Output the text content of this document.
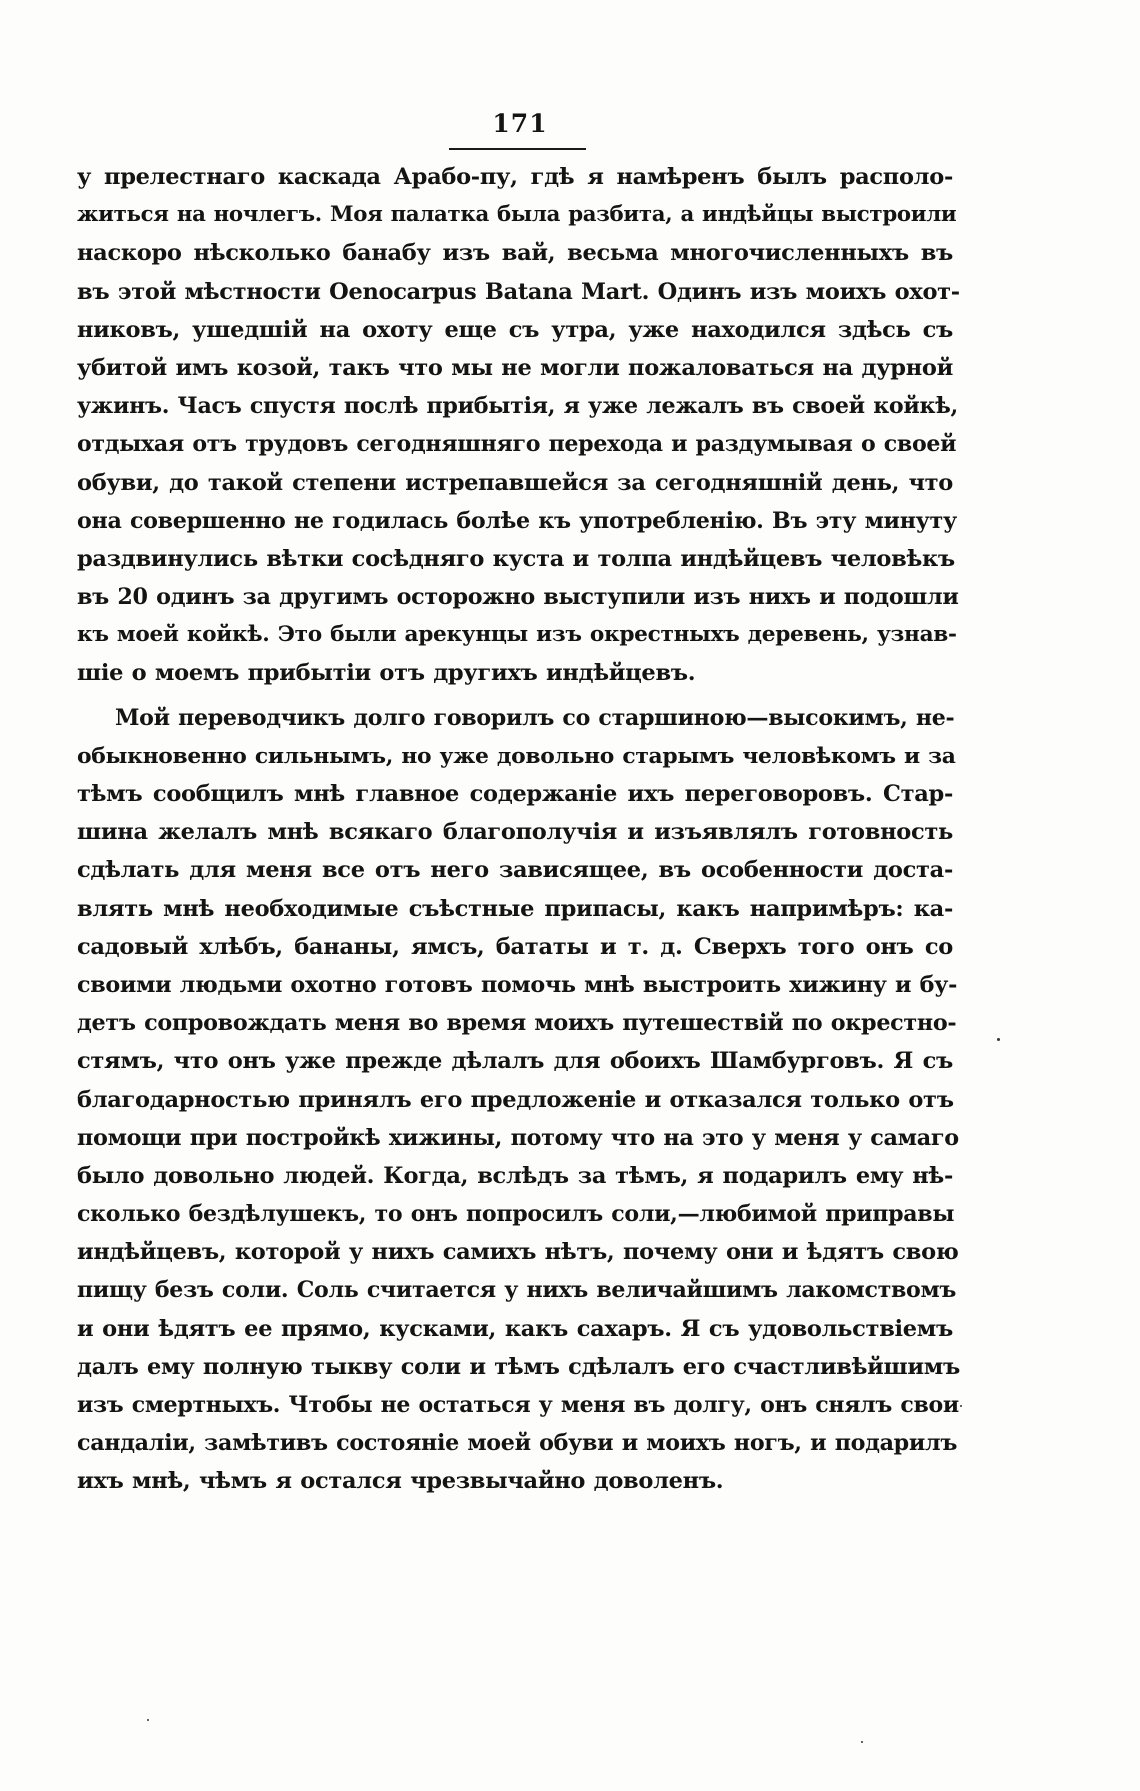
171
у прелестнаго каскада Арабо-пу, гдѣ я намѣренъ былъ располо-
житься на ночлегъ. Моя палатка была разбита, а индѣйцы выстроили
наскоро нѣсколько банабу изъ вай, весьма многочисленныхъ въ
въ этой мѣстности Oenocarpus Batana Mart. Одинъ изъ моихъ охот-
никовъ, ушедшій на охоту еще съ утра, уже находился здѣсь съ
убитой имъ козой, такъ что мы не могли пожаловаться на дурной
ужинъ. Часъ спустя послѣ прибытія, я уже лежалъ въ своей койкѣ,
отдыхая отъ трудовъ сегодняшняго перехода и раздумывая о своей
обуви, до такой степени истрепавшейся за сегодняшній день, что
она совершенно не годилась болѣе къ употребленію. Въ эту минуту
раздвинулись вѣтки сосѣдняго куста и толпа индѣйцевъ человѣкъ
въ 20 одинъ за другимъ осторожно выступили изъ нихъ и подошли
къ моей койкѣ. Это были арекунцы изъ окрестныхъ деревень, узнав-
шіе о моемъ прибытіи отъ другихъ индѣйцевъ.
Мой переводчикъ долго говорилъ со старшиною—высокимъ, не-
обыкновенно сильнымъ, но уже довольно старымъ человѣкомъ и за
тѣмъ сообщилъ мнѣ главное содержаніе ихъ переговоровъ. Стар-
шина желалъ мнѣ всякаго благополучія и изъявлялъ готовность
сдѣлать для меня все отъ него зависящее, въ особенности доста-
влять мнѣ необходимые съѣстные припасы, какъ напримѣръ: ка-
садовый хлѣбъ, бананы, ямсъ, бататы и т. д. Сверхъ того онъ со
своими людьми охотно готовъ помочь мнѣ выстроить хижину и бу-
детъ сопровождать меня во время моихъ путешествій по окрестно-
стямъ, что онъ уже прежде дѣлалъ для обоихъ Шамбурговъ. Я съ
благодарностью принялъ его предложеніе и отказался только отъ
помощи при постройкѣ хижины, потому что на это у меня у самаго
было довольно людей. Когда, вслѣдъ за тѣмъ, я подарилъ ему нѣ-
сколько бездѣлушекъ, то онъ попросилъ соли,—любимой приправы
индѣйцевъ, которой у нихъ самихъ нѣтъ, почему они и ѣдятъ свою
пищу безъ соли. Соль считается у нихъ величайшимъ лакомствомъ
и они ѣдятъ ее прямо, кусками, какъ сахаръ. Я съ удовольствіемъ
далъ ему полную тыкву соли и тѣмъ сдѣлалъ его счастливѣйшимъ
изъ смертныхъ. Чтобы не остаться у меня въ долгу, онъ снялъ свои
сандаліи, замѣтивъ состояніе моей обуви и моихъ ногъ, и подарилъ
ихъ мнѣ, чѣмъ я остался чрезвычайно доволенъ.
